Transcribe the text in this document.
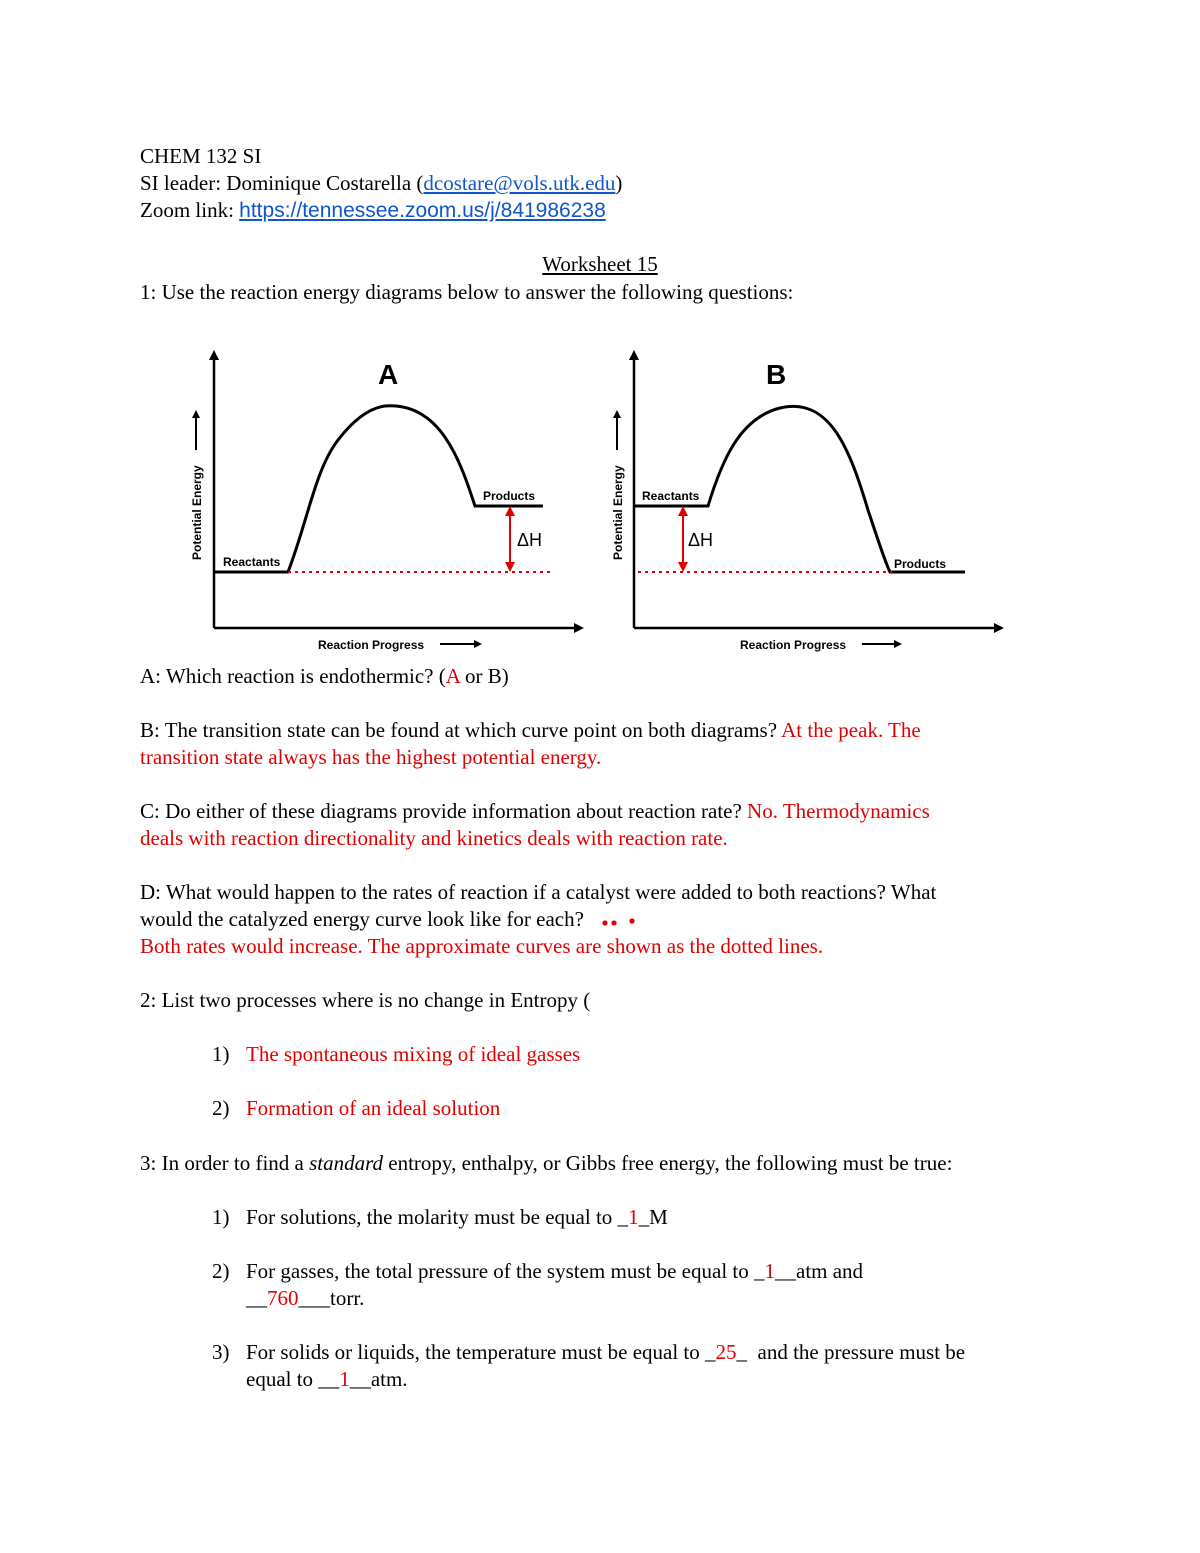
CHEM 132 SI
SI leader: Dominique Costarella (dcostare@vols.utk.edu)
Zoom link: https://tennessee.zoom.us/j/841986238
Worksheet 15
1: Use the reaction energy diagrams below to answer the following questions:
A
Reactants
Products
ΔH
Reaction Progress
Potential Energy
B
Reactants
Products
ΔH
Reaction Progress
Potential Energy
A: Which reaction is endothermic? (A or B)
B: The transition state can be found at which curve point on both diagrams? At the peak. The
transition state always has the highest potential energy.
C: Do either of these diagrams provide information about reaction rate? No. Thermodynamics
deals with reaction directionality and kinetics deals with reaction rate.
D: What would happen to the rates of reaction if a catalyst were added to both reactions? What
would the catalyzed energy curve look like for each?
Both rates would increase. The approximate curves are shown as the dotted lines.
2: List two processes where is no change in Entropy (
1) The spontaneous mixing of ideal gasses
2) Formation of an ideal solution
3: In order to find a standard entropy, enthalpy, or Gibbs free energy, the following must be true:
1) For solutions, the molarity must be equal to _1_M
2) For gasses, the total pressure of the system must be equal to _1__atm and
__760___torr.
3) For solids or liquids, the temperature must be equal to _25_  and the pressure must be
equal to __1__atm.
